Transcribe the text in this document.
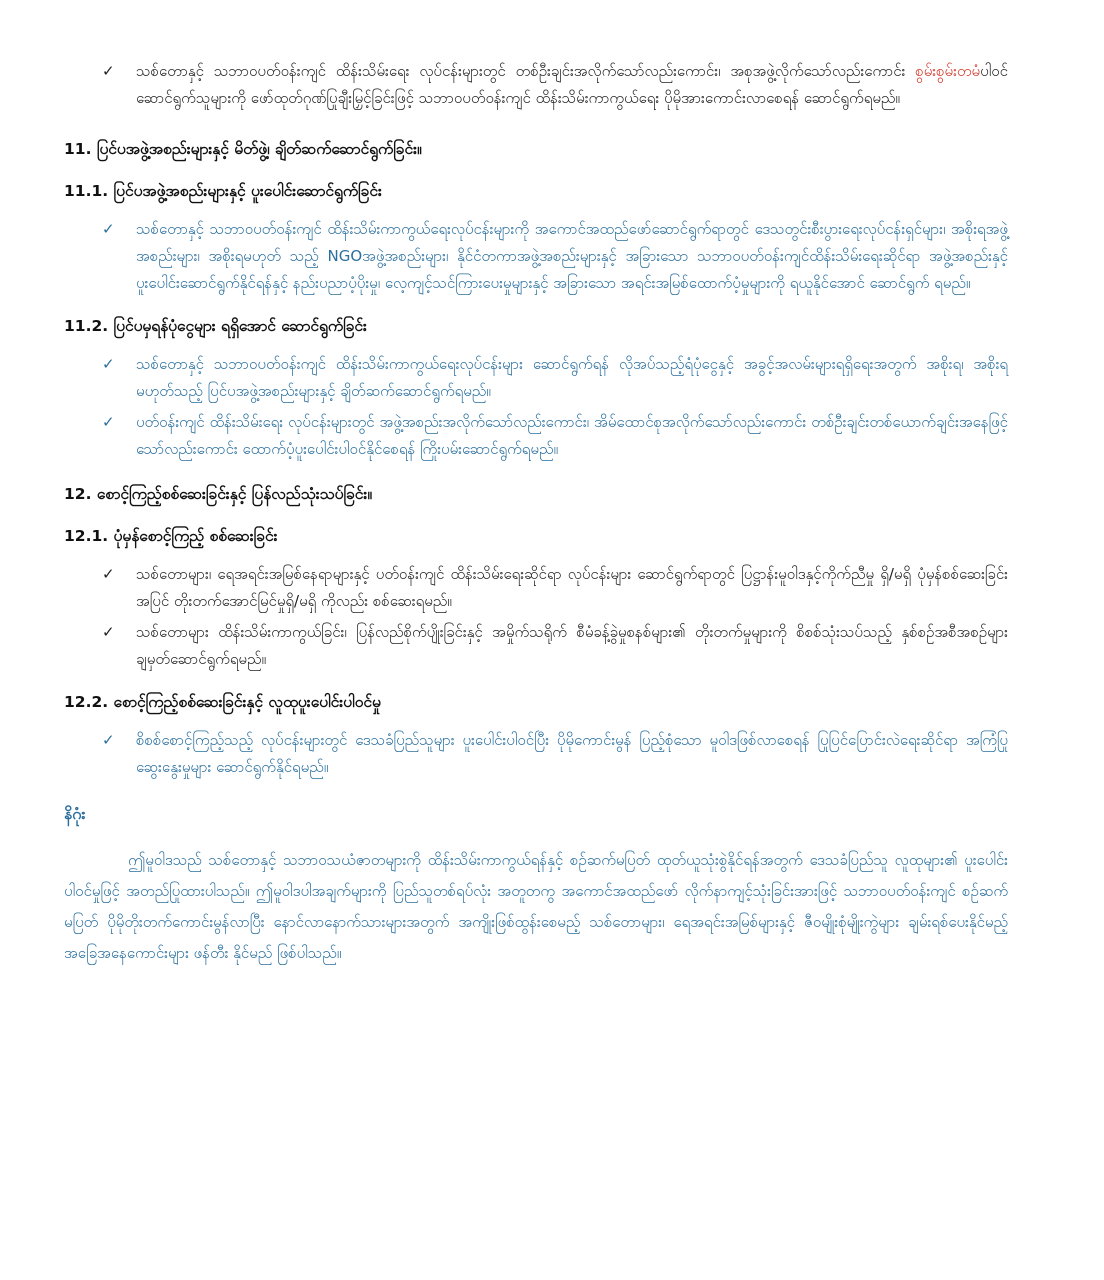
✓ သစ်တောနှင့် သဘာဝပတ်ဝန်းကျင် ထိန်းသိမ်းရေး လုပ်ငန်းများတွင် တစ်ဦးချင်းအလိုက်သော်လည်းကောင်း၊ အစုအဖွဲ့လိုက်သော်လည်းကောင်း စွမ်းစွမ်းတမံပါဝင်ဆောင်ရွက်သူများကို ဖော်ထုတ်ဂုဏ်ပြုချီးမြှင့်ခြင်းဖြင့် သဘာဝပတ်ဝန်းကျင် ထိန်းသိမ်းကာကွယ်ရေး ပိုမိုအားကောင်းလာစေရန် ဆောင်ရွက်ရမည်။

11. ပြင်ပအဖွဲ့အစည်းများနှင့် မိတ်ဖွဲ့၊ ချိတ်ဆက်ဆောင်ရွက်ခြင်း။

11.1. ပြင်ပအဖွဲ့အစည်းများနှင့် ပူးပေါင်းဆောင်ရွက်ခြင်း

✓ သစ်တောနှင့် သဘာဝပတ်ဝန်းကျင် ထိန်းသိမ်းကာကွယ်ရေးလုပ်ငန်းများကို အကောင်အထည်ဖော်ဆောင်ရွက်ရာတွင် ဒေသတွင်းစီးပွားရေးလုပ်ငန်းရှင်များ၊ အစိုးရအဖွဲ့အစည်းများ၊ အစိုးရမဟုတ် သည့် NGOအဖွဲ့အစည်းများ၊ နိုင်ငံတကာအဖွဲ့အစည်းများနှင့် အခြားသော သဘာဝပတ်ဝန်းကျင်ထိန်းသိမ်းရေးဆိုင်ရာ အဖွဲ့အစည်းနှင့် ပူးပေါင်းဆောင်ရွက်နိုင်ရန်နှင့် နည်းပညာပံ့ပိုးမှု၊ လေ့ကျင့်သင်ကြားပေးမှုများနှင့် အခြားသော အရင်းအမြစ်ထောက်ပံ့မှုများကို ရယူနိုင်အောင် ဆောင်ရွက် ရမည်။

11.2. ပြင်ပမှရန်ပုံငွေများ ရရှိအောင် ဆောင်ရွက်ခြင်း

✓ သစ်တောနှင့် သဘာဝပတ်ဝန်းကျင် ထိန်းသိမ်းကာကွယ်ရေးလုပ်ငန်းများ ဆောင်ရွက်ရန် လိုအပ်သည့်ရံပုံငွေနှင့် အခွင့်အလမ်းများရရှိရေးအတွက် အစိုးရ၊ အစိုးရမဟုတ်သည့် ပြင်ပအဖွဲ့အစည်းများနှင့် ချိတ်ဆက်ဆောင်ရွက်ရမည်။
✓ ပတ်ဝန်းကျင် ထိန်းသိမ်းရေး လုပ်ငန်းများတွင် အဖွဲ့အစည်းအလိုက်သော်လည်းကောင်း၊ အိမ်ထောင်စုအလိုက်သော်လည်းကောင်း တစ်ဦးချင်းတစ်ယောက်ချင်းအနေဖြင့် သော်လည်းကောင်း ထောက်ပံ့ပူးပေါင်းပါဝင်နိုင်စေရန် ကြိုးပမ်းဆောင်ရွက်ရမည်။

12. စောင့်ကြည့်စစ်ဆေးခြင်းနှင့် ပြန်လည်သုံးသပ်ခြင်း။

12.1. ပုံမှန်စောင့်ကြည့် စစ်ဆေးခြင်း

✓ သစ်တောများ၊ ရေအရင်းအမြစ်နေရာများနှင့် ပတ်ဝန်းကျင် ထိန်းသိမ်းရေးဆိုင်ရာ လုပ်ငန်းများ ဆောင်ရွက်ရာတွင် ပြဋ္ဌာန်းမူဝါဒနှင့်ကိုက်ညီမှု ရှိ/မရှိ ပုံမှန်စစ်ဆေးခြင်းအပြင် တိုးတက်အောင်မြင်မှုရှိ/မရှိ ကိုလည်း စစ်ဆေးရမည်။
✓ သစ်တောများ ထိန်းသိမ်းကာကွယ်ခြင်း၊ ပြန်လည်စိုက်ပျိုးခြင်းနှင့် အမှိုက်သရိုက် စီမံခန့်ခွဲမှုစနစ်များ၏ တိုးတက်မှုများကို စိစစ်သုံးသပ်သည့် နှစ်စဉ်အစီအစဉ်များ ချမှတ်ဆောင်ရွက်ရမည်။

12.2. စောင့်ကြည့်စစ်ဆေးခြင်းနှင့် လူထုပူးပေါင်းပါဝင်မှု

✓ စိစစ်စောင့်ကြည့်သည့် လုပ်ငန်းများတွင် ဒေသခံပြည်သူများ ပူးပေါင်းပါဝင်ပြီး ပိုမိုကောင်းမွန် ပြည့်စုံသော မူဝါဒဖြစ်လာစေရန် ပြုပြင်ပြောင်းလဲရေးဆိုင်ရာ အကြံပြုဆွေးနွေးမှုများ ဆောင်ရွက်နိုင်ရမည်။

နိဂုံး

ဤမူဝါဒသည် သစ်တောနှင့် သဘာဝသယံဇာတများကို ထိန်းသိမ်းကာကွယ်ရန်နှင့် စဉ်ဆက်မပြတ် ထုတ်ယူသုံးစွဲနိုင်ရန်အတွက် ဒေသခံပြည်သူ လူထုများ၏ ပူးပေါင်းပါဝင်မှုဖြင့် အတည်ပြုထားပါသည်။ ဤမူဝါဒပါအချက်များကို ပြည်သူတစ်ရပ်လုံး အတူတကွ အကောင်အထည်ဖော် လိုက်နာကျင့်သုံးခြင်းအားဖြင့် သဘာဝပတ်ဝန်းကျင် စဉ်ဆက်မပြတ် ပိုမိုတိုးတက်ကောင်းမွန်လာပြီး နောင်လာနောက်သားများအတွက် အကျိုးဖြစ်ထွန်းစေမည့် သစ်တောများ၊ ရေအရင်းအမြစ်များနှင့် ဇီဝမျိုးစုံမျိုးကွဲများ ချမ်းရစ်ပေးနိုင်မည့် အခြေအနေကောင်းများ ဖန်တီး နိုင်မည် ဖြစ်ပါသည်။
